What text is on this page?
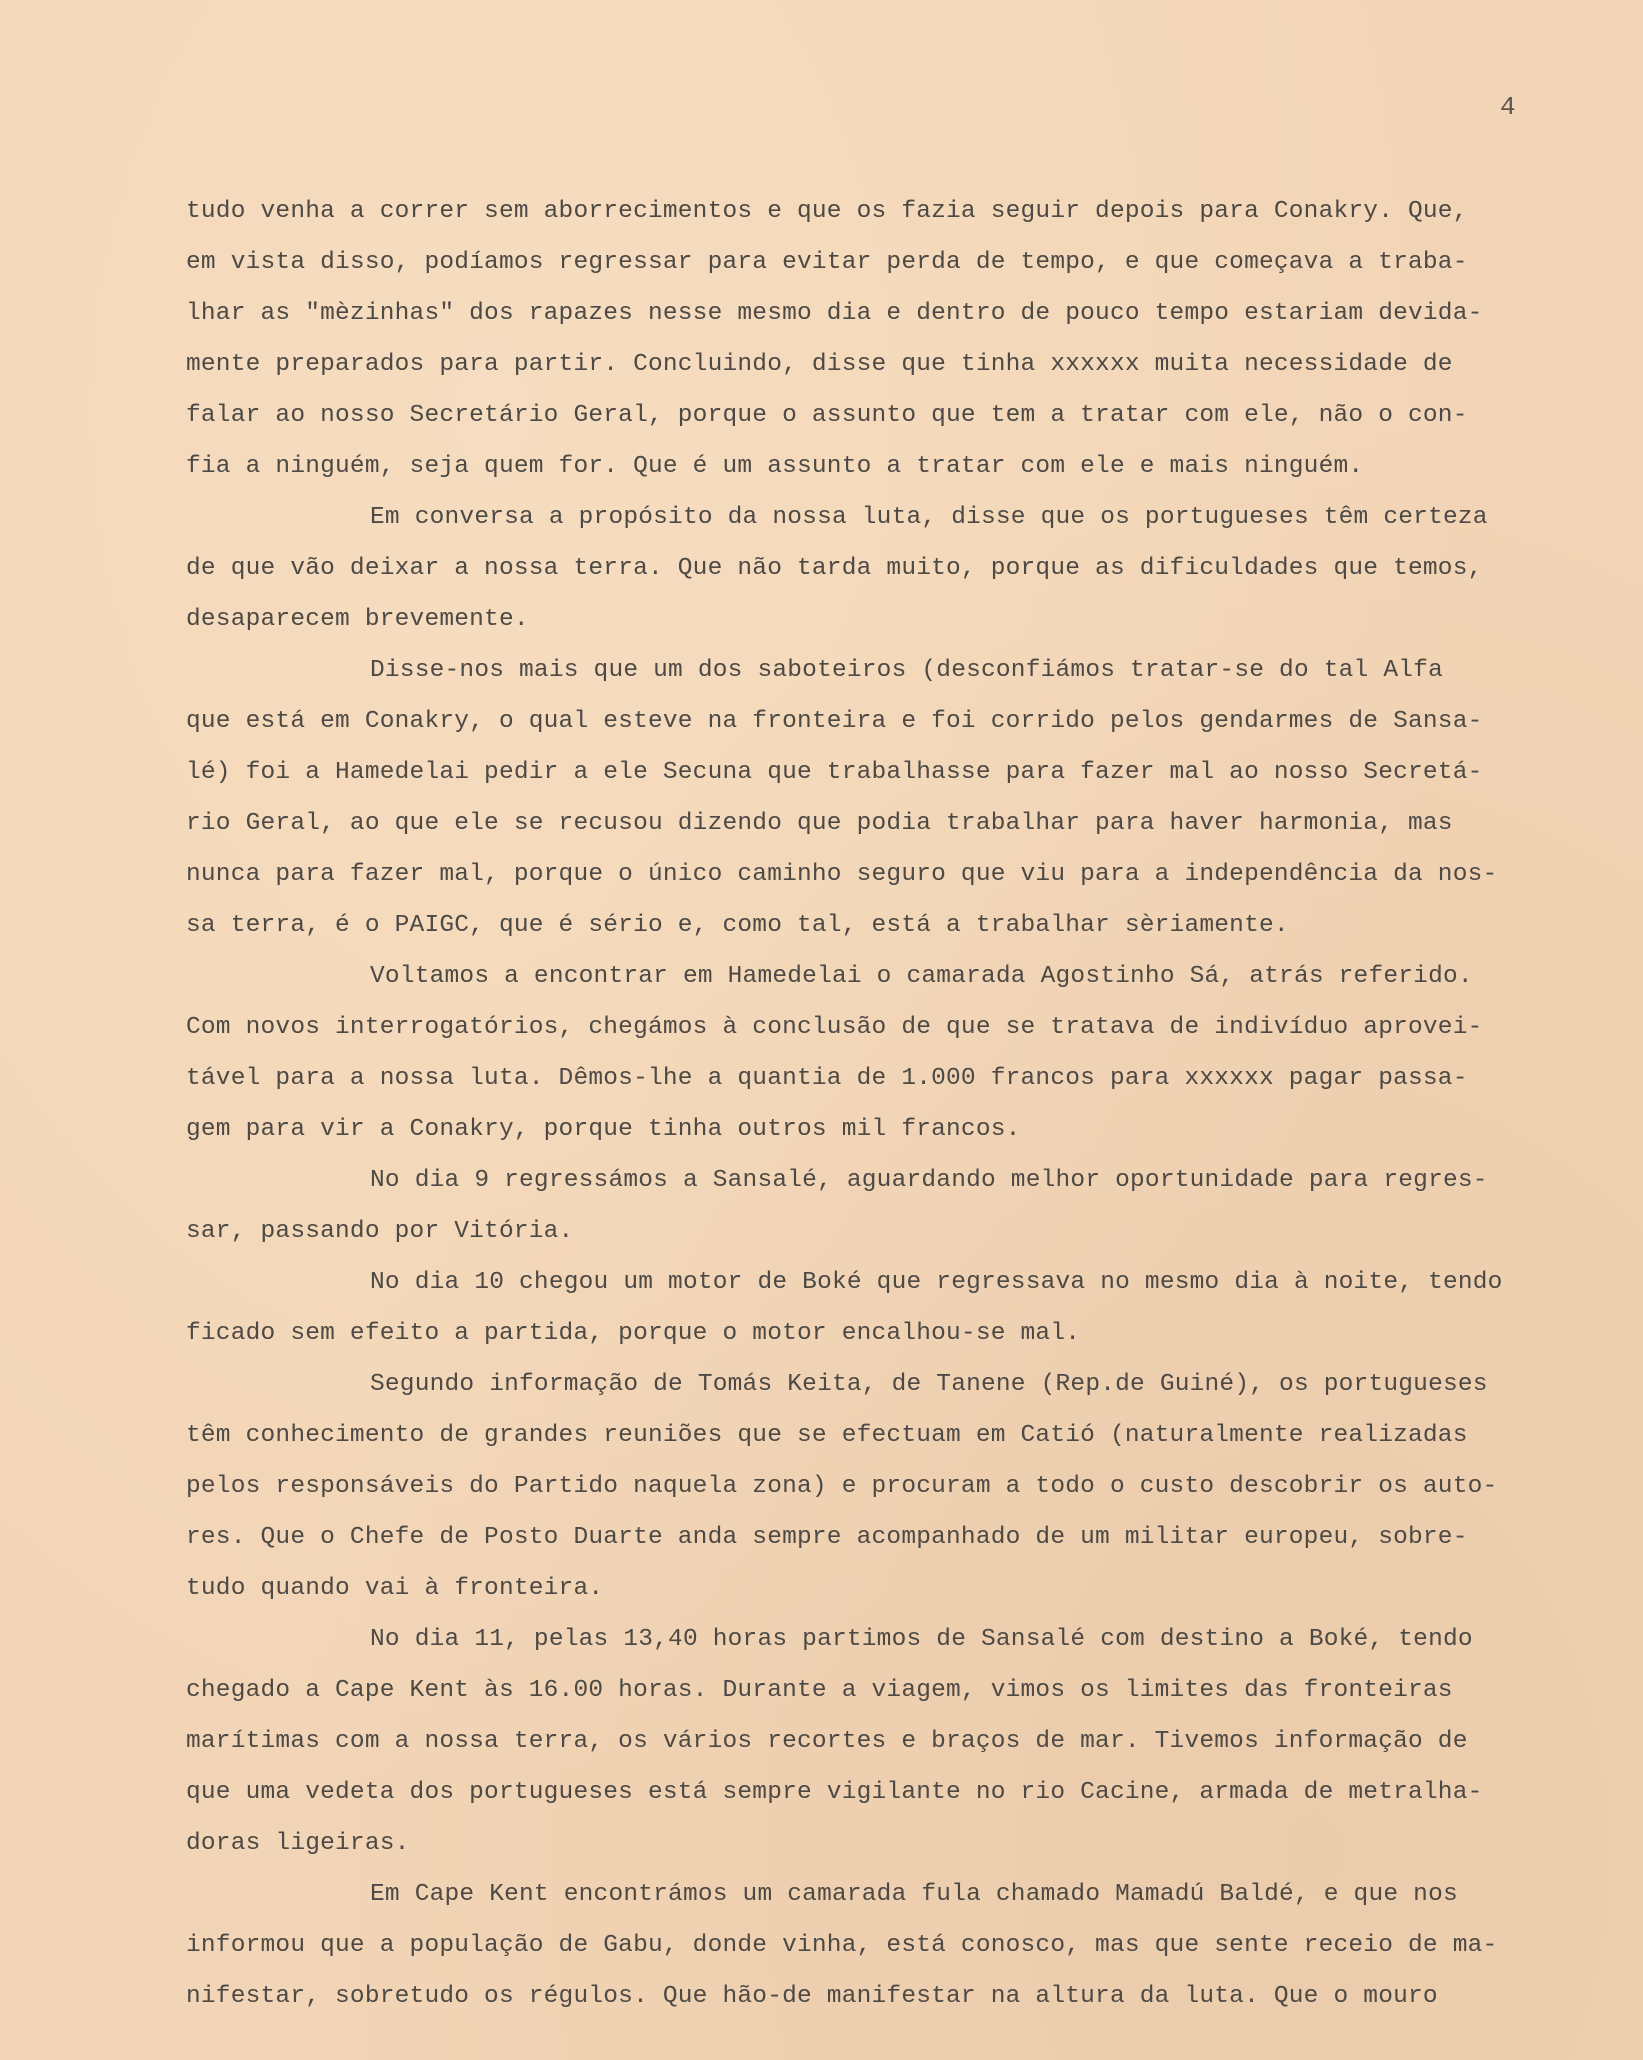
4
tudo venha a correr sem aborrecimentos e que os fazia seguir depois para Conakry. Que,
em vista disso, podíamos regressar para evitar perda de tempo, e que começava a traba-
lhar as "mèzinhas" dos rapazes nesse mesmo dia e dentro de pouco tempo estariam devida-
mente preparados para partir. Concluindo, disse que tinha xxxxxx muita necessidade de
falar ao nosso Secretário Geral, porque o assunto que tem a tratar com ele, não o con-
fia a ninguém, seja quem for. Que é um assunto a tratar com ele e mais ninguém.
Em conversa a propósito da nossa luta, disse que os portugueses têm certeza
de que vão deixar a nossa terra. Que não tarda muito, porque as dificuldades que temos,
desaparecem brevemente.
Disse-nos mais que um dos saboteiros (desconfiámos tratar-se do tal Alfa
que está em Conakry, o qual esteve na fronteira e foi corrido pelos gendarmes de Sansa-
lé) foi a Hamedelai pedir a ele Secuna que trabalhasse para fazer mal ao nosso Secretá-
rio Geral, ao que ele se recusou dizendo que podia trabalhar para haver harmonia, mas
nunca para fazer mal, porque o único caminho seguro que viu para a independência da nos-
sa terra, é o PAIGC, que é sério e, como tal, está a trabalhar sèriamente.
Voltamos a encontrar em Hamedelai o camarada Agostinho Sá, atrás referido.
Com novos interrogatórios, chegámos à conclusão de que se tratava de indivíduo aprovei-
tável para a nossa luta. Dêmos-lhe a quantia de 1.000 francos para xxxxxx pagar passa-
gem para vir a Conakry, porque tinha outros mil francos.
No dia 9 regressámos a Sansalé, aguardando melhor oportunidade para regres-
sar, passando por Vitória.
No dia 10 chegou um motor de Boké que regressava no mesmo dia à noite, tendo
ficado sem efeito a partida, porque o motor encalhou-se mal.
Segundo informação de Tomás Keita, de Tanene (Rep.de Guiné), os portugueses
têm conhecimento de grandes reuniões que se efectuam em Catió (naturalmente realizadas
pelos responsáveis do Partido naquela zona) e procuram a todo o custo descobrir os auto-
res. Que o Chefe de Posto Duarte anda sempre acompanhado de um militar europeu, sobre-
tudo quando vai à fronteira.
No dia 11, pelas 13,40 horas partimos de Sansalé com destino a Boké, tendo
chegado a Cape Kent às 16.00 horas. Durante a viagem, vimos os limites das fronteiras
marítimas com a nossa terra, os vários recortes e braços de mar. Tivemos informação de
que uma vedeta dos portugueses está sempre vigilante no rio Cacine, armada de metralha-
doras ligeiras.
Em Cape Kent encontrámos um camarada fula chamado Mamadú Baldé, e que nos
informou que a população de Gabu, donde vinha, está conosco, mas que sente receio de ma-
nifestar, sobretudo os régulos. Que hão-de manifestar na altura da luta. Que o mouro
